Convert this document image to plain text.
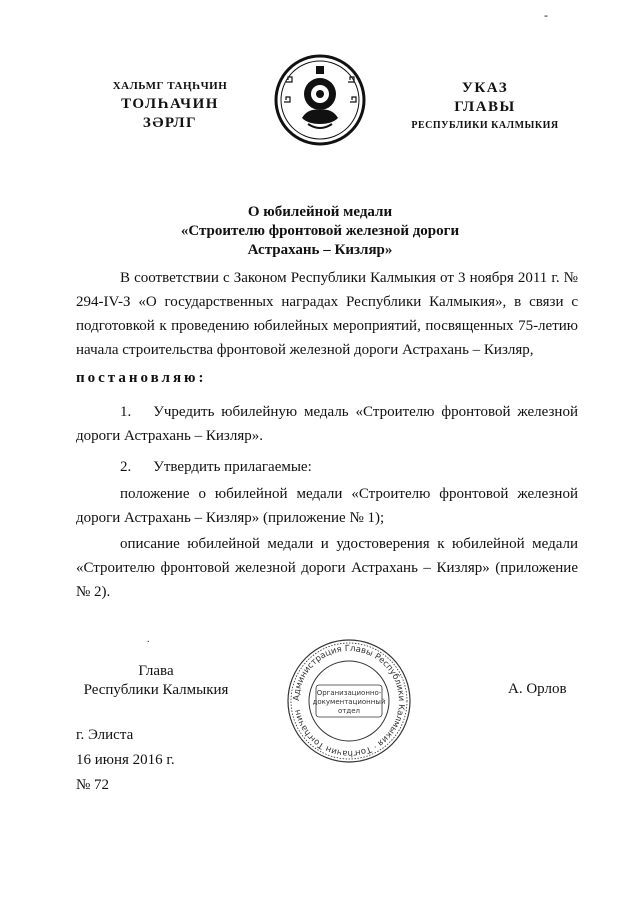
-
ХАЛЬМГ ТАҢҺЧИН
ТОЛҺАЧИН
ЗӘРЛГ
УКАЗ
ГЛАВЫ
РЕСПУБЛИКИ КАЛМЫКИЯ
О юбилейной медали
«Строителю фронтовой железной дороги
Астрахань – Кизляр»
В соответствии с Законом Республики Калмыкия от 3 ноября 2011 г. № 294-IV-З «О государственных наградах Республики Калмыкия», в связи с подготовкой к проведению юбилейных мероприятий, посвященных 75-летию начала строительства фронтовой железной дороги Астрахань – Кизляр,
постановляю:
1. Учредить юбилейную медаль «Строителю фронтовой железной дороги Астрахань – Кизляр».
2. Утвердить прилагаемые:
положение о юбилейной медали «Строителю фронтовой железной дороги Астрахань – Кизляр» (приложение № 1);
описание юбилейной медали и удостоверения к юбилейной медали «Строителю фронтовой железной дороги Астрахань – Кизляр» (приложение № 2).
.
Глава
Республики Калмыкия
Администрация Главы Республики Калмыкия · Тоҥһачин Тоҥһачин
Организационно-
документационный
отдел
А. Орлов
г. Элиста
16 июня 2016 г.
№ 72
